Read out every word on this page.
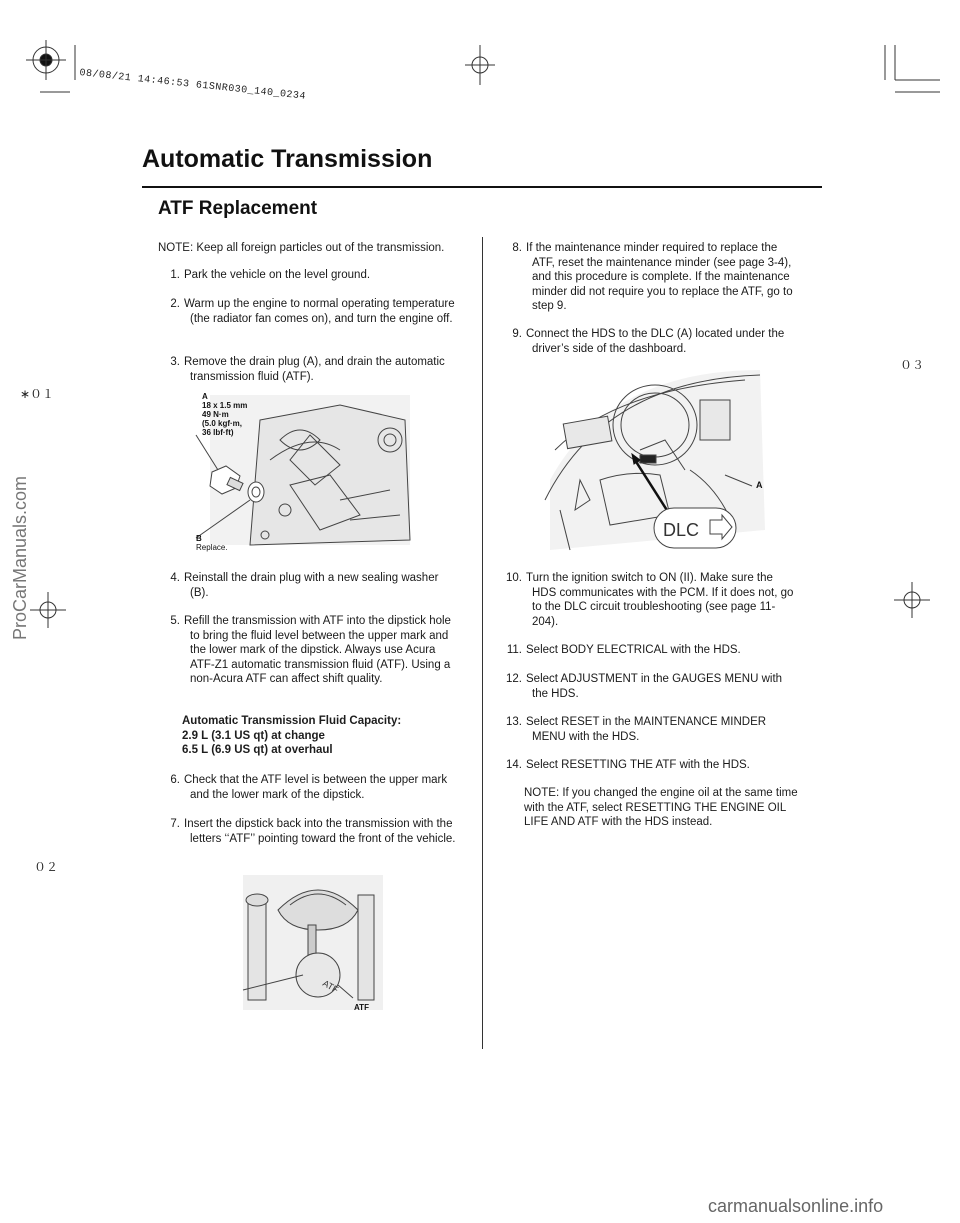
08/08/21 14:46:53 61SNR030_140_0234
Automatic Transmission
ATF Replacement
NOTE: Keep all foreign particles out of the transmission.
1. Park the vehicle on the level ground.
2. Warm up the engine to normal operating temperature (the radiator fan comes on), and turn the engine off.
3. Remove the drain plug (A), and drain the automatic transmission fluid (ATF).
A
18 x 1.5 mm
49 N·m
(5.0 kgf·m,
36 lbf·ft)
B
Replace.
4. Reinstall the drain plug with a new sealing washer (B).
5. Refill the transmission with ATF into the dipstick hole to bring the fluid level between the upper mark and the lower mark of the dipstick. Always use Acura ATF-Z1 automatic transmission fluid (ATF). Using a non-Acura ATF can affect shift quality.
Automatic Transmission Fluid Capacity:
2.9 L (3.1 US qt) at change
6.5 L (6.9 US qt) at overhaul
6. Check that the ATF level is between the upper mark and the lower mark of the dipstick.
7. Insert the dipstick back into the transmission with the letters ‘‘ATF’’ pointing toward the front of the vehicle.
ATF
ATF
8. If the maintenance minder required to replace the ATF, reset the maintenance minder (see page 3-4), and this procedure is complete. If the maintenance minder did not require you to replace the ATF, go to step 9.
9. Connect the HDS to the DLC (A) located under the driver’s side of the dashboard.
DLC
A
10. Turn the ignition switch to ON (II). Make sure the HDS communicates with the PCM. If it does not, go to the DLC circuit troubleshooting (see page 11-204).
11. Select BODY ELECTRICAL with the HDS.
12. Select ADJUSTMENT in the GAUGES MENU with the HDS.
13. Select RESET in the MAINTENANCE MINDER MENU with the HDS.
14. Select RESETTING THE ATF with the HDS.
NOTE: If you changed the engine oil at the same time with the ATF, select RESETTING THE ENGINE OIL LIFE AND ATF with the HDS instead.
∗０１
０２
０３
ProCarManuals.com
carmanualsonline.info
